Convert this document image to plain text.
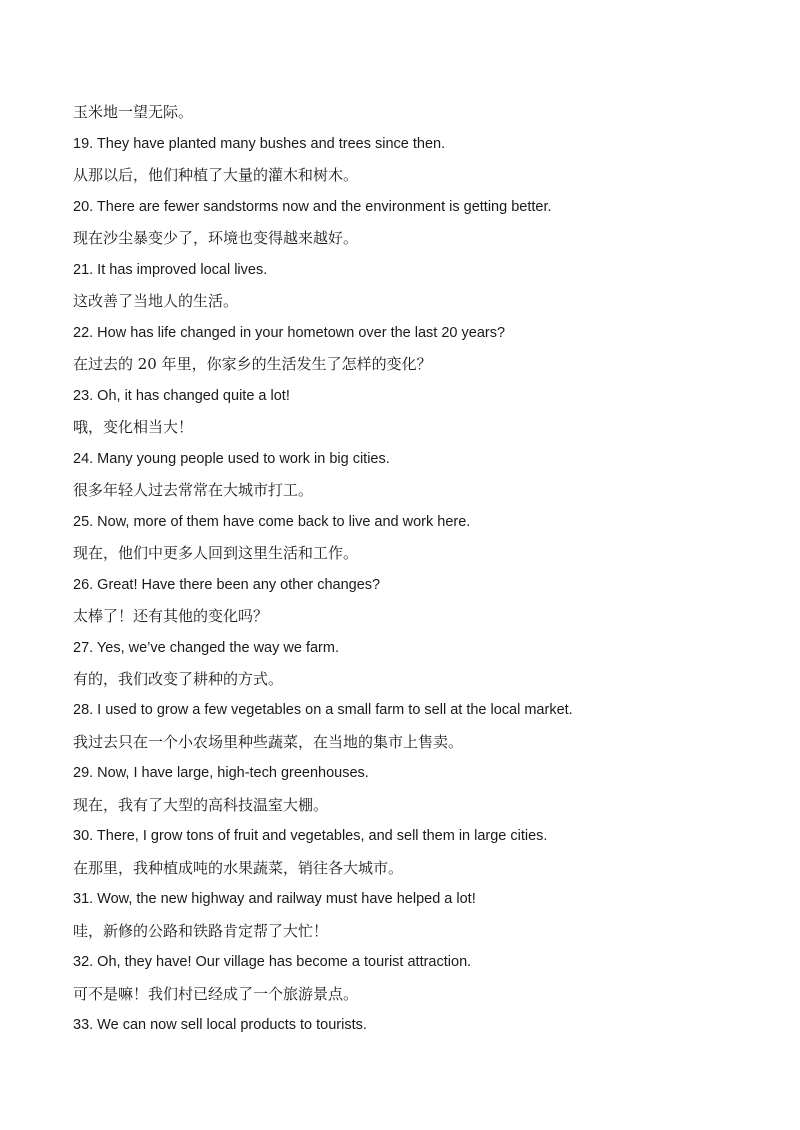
玉米地一望无际。

19. They have planted many bushes and trees since then.

从那以后，他们种植了大量的灌木和树木。

20. There are fewer sandstorms now and the environment is getting better.

现在沙尘暴变少了，环境也变得越来越好。

21. It has improved local lives.

这改善了当地人的生活。

22. How has life changed in your hometown over the last 20 years?

在过去的 20 年里，你家乡的生活发生了怎样的变化？

23. Oh, it has changed quite a lot!

哦，变化相当大！

24. Many young people used to work in big cities.

很多年轻人过去常常在大城市打工。

25. Now, more of them have come back to live and work here.

现在，他们中更多人回到这里生活和工作。

26. Great! Have there been any other changes?

太棒了！还有其他的变化吗？

27. Yes, we’ve changed the way we farm.

有的，我们改变了耕种的方式。

28. I used to grow a few vegetables on a small farm to sell at the local market.

我过去只在一个小农场里种些蔬菜，在当地的集市上售卖。

29. Now, I have large, high-tech greenhouses.

现在，我有了大型的高科技温室大棚。

30. There, I grow tons of fruit and vegetables, and sell them in large cities.

在那里，我种植成吨的水果蔬菜，销往各大城市。

31. Wow, the new highway and railway must have helped a lot!

哇，新修的公路和铁路肯定帮了大忙！

32. Oh, they have! Our village has become a tourist attraction.

可不是嘛！我们村已经成了一个旅游景点。

33. We can now sell local products to tourists.
